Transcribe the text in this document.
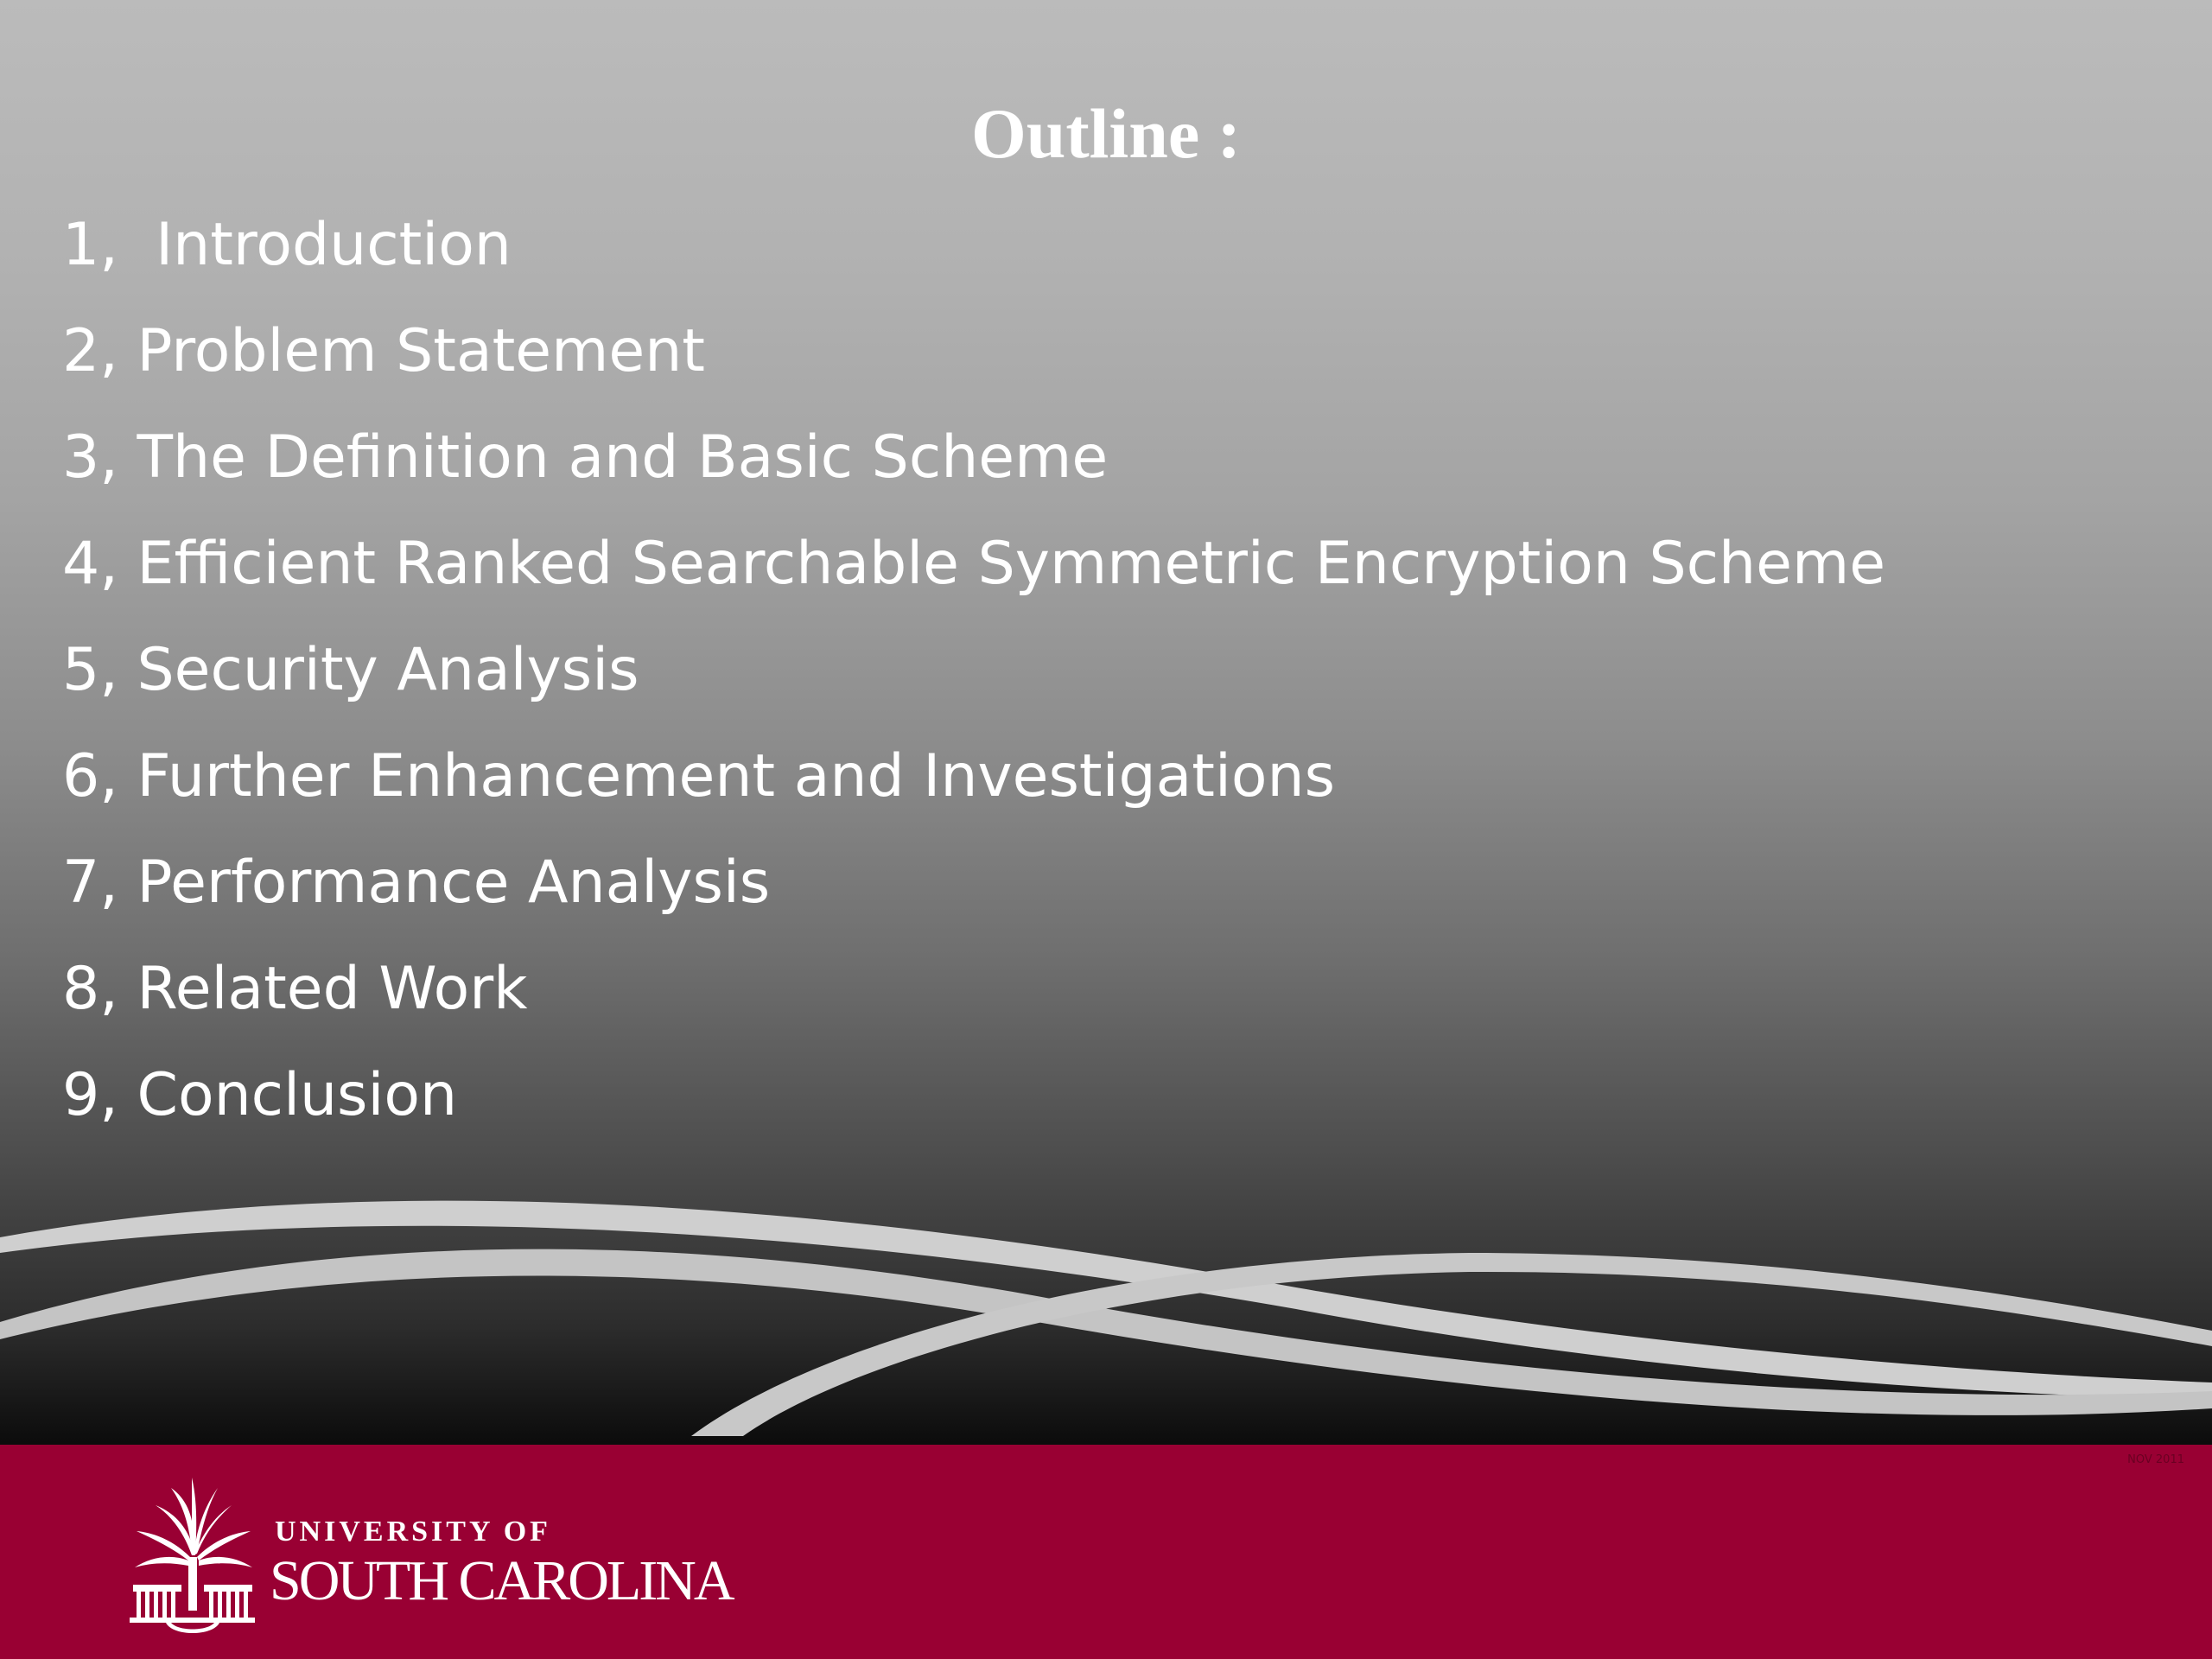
Outline :
1,  Introduction
2, Problem Statement
3, The Definition and Basic Scheme
4, Efficient Ranked Searchable Symmetric Encryption Scheme
5, Security Analysis
6, Further Enhancement and Investigations
7, Performance Analysis
8, Related Work
9, Conclusion
NOV 2011
UNIVERSITY OF
SOUTH CAROLINA
